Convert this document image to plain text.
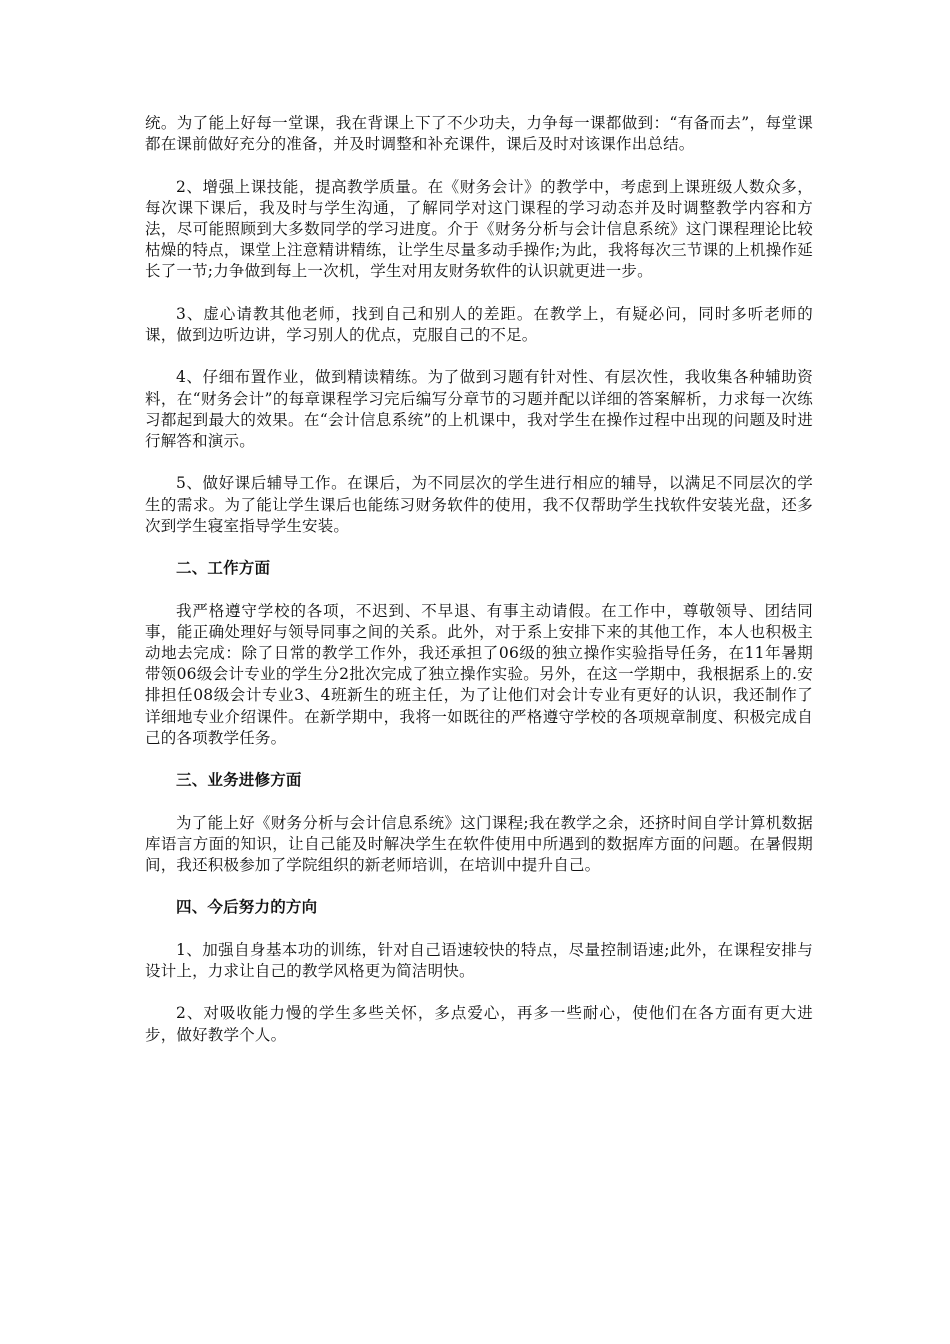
统。为了能上好每一堂课，我在背课上下了不少功夫，力争每一课都做到：“有备而去”，每堂课都在课前做好充分的准备，并及时调整和补充课件，课后及时对该课作出总结。

2、增强上课技能，提高教学质量。在《财务会计》的教学中，考虑到上课班级人数众多，每次课下课后，我及时与学生沟通，了解同学对这门课程的学习动态并及时调整教学内容和方法，尽可能照顾到大多数同学的学习进度。介于《财务分析与会计信息系统》这门课程理论比较枯燥的特点，课堂上注意精讲精练，让学生尽量多动手操作;为此，我将每次三节课的上机操作延长了一节;力争做到每上一次机，学生对用友财务软件的认识就更进一步。

3、虚心请教其他老师，找到自己和别人的差距。在教学上，有疑必问，同时多听老师的课，做到边听边讲，学习别人的优点，克服自己的不足。

4、仔细布置作业，做到精读精练。为了做到习题有针对性、有层次性，我收集各种辅助资料，在“财务会计”的每章课程学习完后编写分章节的习题并配以详细的答案解析，力求每一次练习都起到最大的效果。在“会计信息系统”的上机课中，我对学生在操作过程中出现的问题及时进行解答和演示。

5、做好课后辅导工作。在课后，为不同层次的学生进行相应的辅导，以满足不同层次的学生的需求。为了能让学生课后也能练习财务软件的使用，我不仅帮助学生找软件安装光盘，还多次到学生寝室指导学生安装。

二、工作方面

我严格遵守学校的各项，不迟到、不早退、有事主动请假。在工作中，尊敬领导、团结同事，能正确处理好与领导同事之间的关系。此外，对于系上安排下来的其他工作，本人也积极主动地去完成：除了日常的教学工作外，我还承担了06级的独立操作实验指导任务，在11年暑期带领06级会计专业的学生分2批次完成了独立操作实验。另外，在这一学期中，我根据系上的.安排担任08级会计专业3、4班新生的班主任，为了让他们对会计专业有更好的认识，我还制作了详细地专业介绍课件。在新学期中，我将一如既往的严格遵守学校的各项规章制度、积极完成自己的各项教学任务。

三、业务进修方面

为了能上好《财务分析与会计信息系统》这门课程;我在教学之余，还挤时间自学计算机数据库语言方面的知识，让自己能及时解决学生在软件使用中所遇到的数据库方面的问题。在暑假期间，我还积极参加了学院组织的新老师培训，在培训中提升自己。

四、今后努力的方向

1、加强自身基本功的训练，针对自己语速较快的特点，尽量控制语速;此外，在课程安排与设计上，力求让自己的教学风格更为简洁明快。

2、对吸收能力慢的学生多些关怀，多点爱心，再多一些耐心，使他们在各方面有更大进步，做好教学个人。
